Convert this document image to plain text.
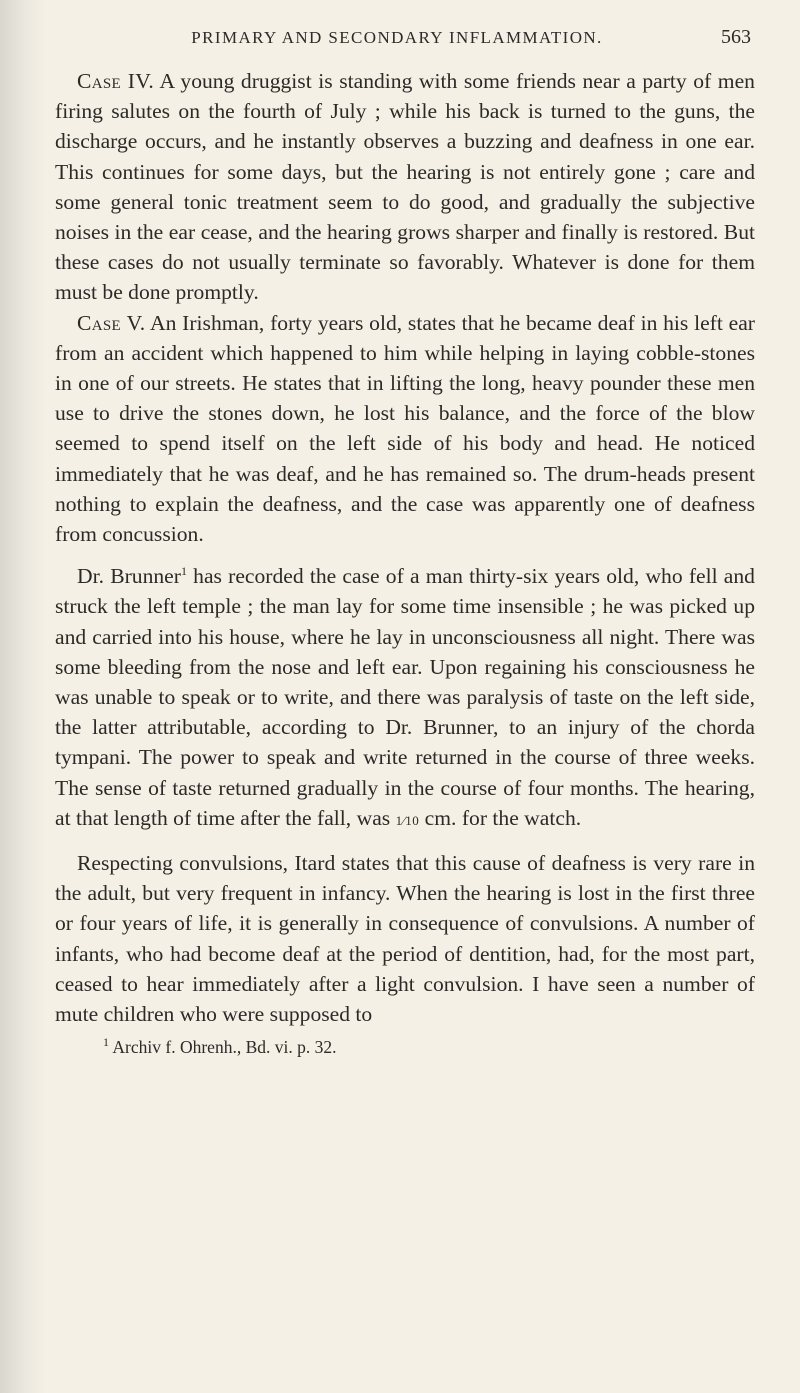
PRIMARY AND SECONDARY INFLAMMATION.	563

Case IV. A young druggist is standing with some friends near a party of men firing salutes on the fourth of July ; while his back is turned to the guns, the discharge occurs, and he instantly observes a buzzing and deafness in one ear. This continues for some days, but the hearing is not entirely gone ; care and some general tonic treatment seem to do good, and gradually the subjective noises in the ear cease, and the hearing grows sharper and finally is restored. But these cases do not usually terminate so favorably. Whatever is done for them must be done promptly.

Case V. An Irishman, forty years old, states that he became deaf in his left ear from an accident which happened to him while helping in laying cobble-stones in one of our streets. He states that in lifting the long, heavy pounder these men use to drive the stones down, he lost his balance, and the force of the blow seemed to spend itself on the left side of his body and head. He noticed immediately that he was deaf, and he has remained so. The drum-heads present nothing to explain the deafness, and the case was apparently one of deafness from concussion.

Dr. Brunner$^1$ has recorded the case of a man thirty-six years old, who fell and struck the left temple ; the man lay for some time insensible ; he was picked up and carried into his house, where he lay in unconsciousness all night. There was some bleeding from the nose and left ear. Upon regaining his consciousness he was unable to speak or to write, and there was paralysis of taste on the left side, the latter attributable, according to Dr. Brunner, to an injury of the chorda tympani. The power to speak and write returned in the course of three weeks. The sense of taste returned gradually in the course of four months. The hearing, at that length of time after the fall, was 1⁄10 cm. for the watch.

Respecting convulsions, Itard states that this cause of deafness is very rare in the adult, but very frequent in infancy. When the hearing is lost in the first three or four years of life, it is generally in consequence of convulsions. A number of infants, who had become deaf at the period of dentition, had, for the most part, ceased to hear immediately after a light convulsion. I have seen a number of mute children who were supposed to

$^1$ Archiv f. Ohrenh., Bd. vi. p. 32.
